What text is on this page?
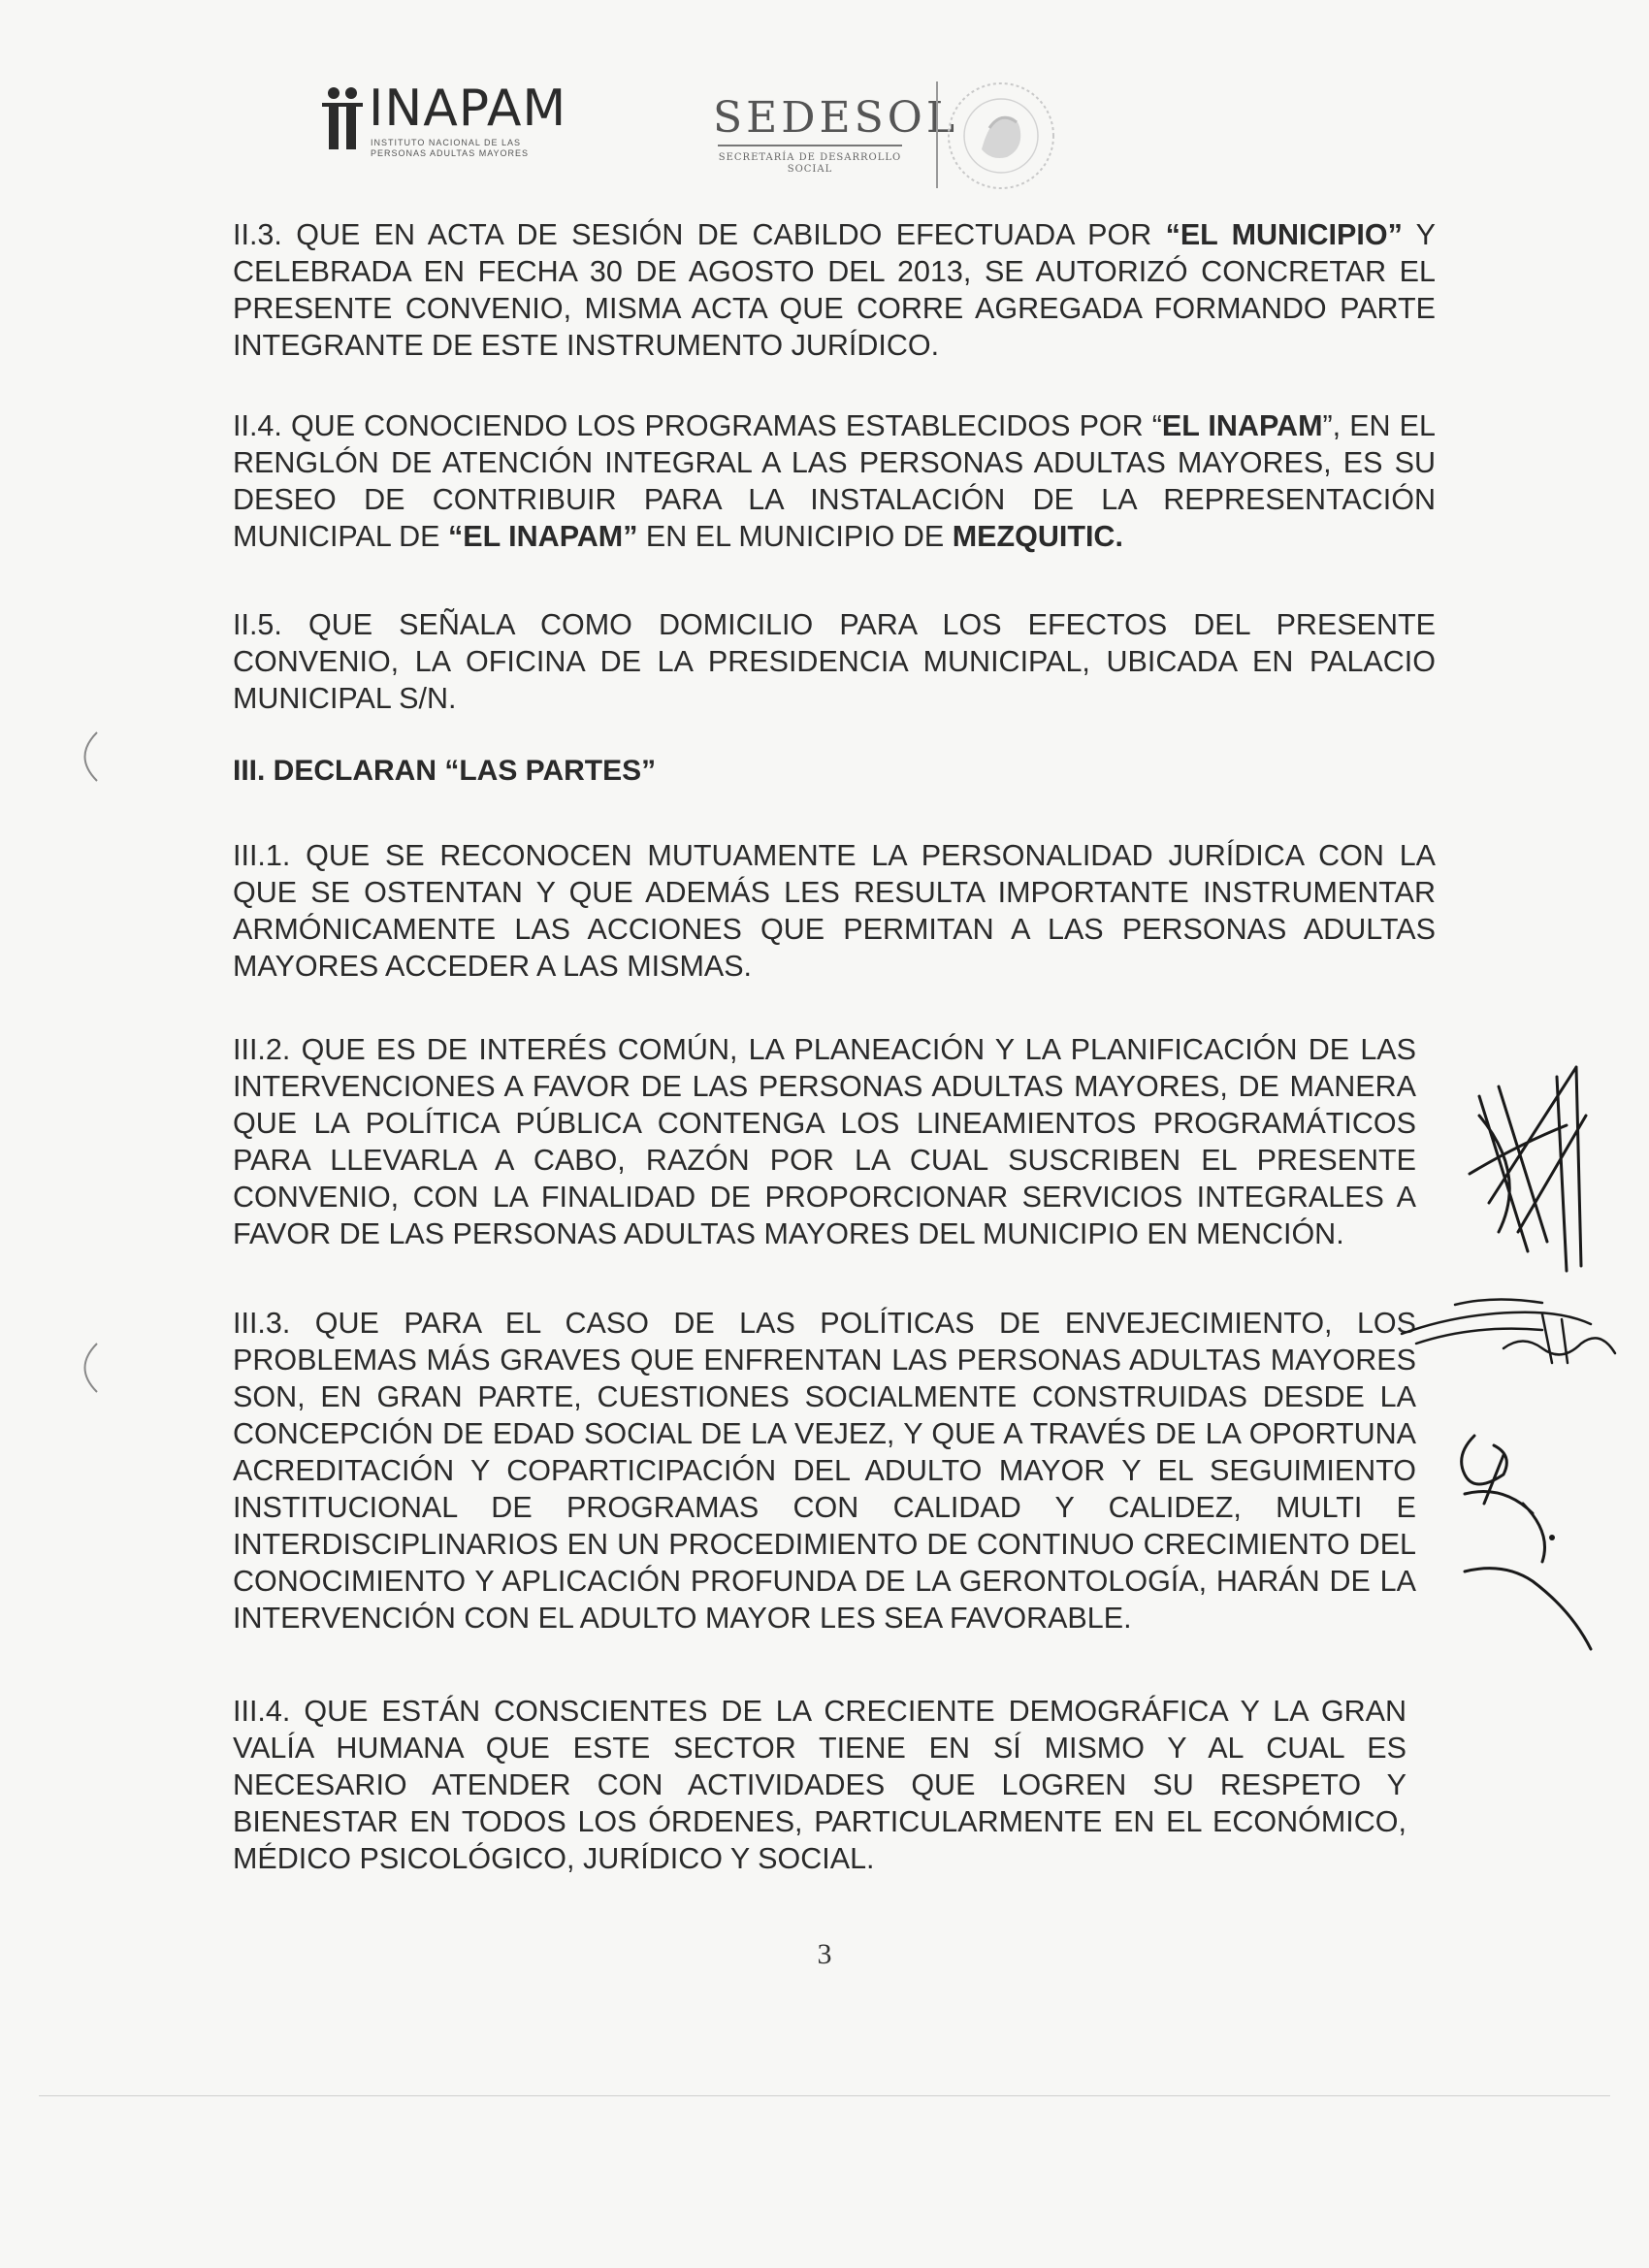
INAPAM
INSTITUTO NACIONAL DE LAS PERSONAS ADULTAS MAYORES
SEDESOL
SECRETARÍA DE DESARROLLO SOCIAL
II.3. QUE EN ACTA DE SESIÓN DE CABILDO EFECTUADA POR “EL MUNICIPIO” Y CELEBRADA EN FECHA 30 DE AGOSTO DEL 2013, SE AUTORIZÓ CONCRETAR EL PRESENTE CONVENIO, MISMA ACTA QUE CORRE AGREGADA FORMANDO PARTE INTEGRANTE DE ESTE INSTRUMENTO JURÍDICO.
II.4. QUE CONOCIENDO LOS PROGRAMAS ESTABLECIDOS POR “EL INAPAM”, EN EL RENGLÓN DE ATENCIÓN INTEGRAL A LAS PERSONAS ADULTAS MAYORES, ES SU DESEO DE CONTRIBUIR PARA LA INSTALACIÓN DE LA REPRESENTACIÓN MUNICIPAL DE “EL INAPAM” EN EL MUNICIPIO DE MEZQUITIC.
II.5. QUE SEÑALA COMO DOMICILIO PARA LOS EFECTOS DEL PRESENTE CONVENIO, LA OFICINA DE LA PRESIDENCIA MUNICIPAL, UBICADA EN PALACIO MUNICIPAL S/N.
III. DECLARAN “LAS PARTES”
III.1. QUE SE RECONOCEN MUTUAMENTE LA PERSONALIDAD JURÍDICA CON LA QUE SE OSTENTAN Y QUE ADEMÁS LES RESULTA IMPORTANTE INSTRUMENTAR ARMÓNICAMENTE LAS ACCIONES QUE PERMITAN A LAS PERSONAS ADULTAS MAYORES ACCEDER A LAS MISMAS.
III.2. QUE ES DE INTERÉS COMÚN, LA PLANEACIÓN Y LA PLANIFICACIÓN DE LAS INTERVENCIONES A FAVOR DE LAS PERSONAS ADULTAS MAYORES, DE MANERA QUE LA POLÍTICA PÚBLICA CONTENGA LOS LINEAMIENTOS PROGRAMÁTICOS PARA LLEVARLA A CABO, RAZÓN POR LA CUAL SUSCRIBEN EL PRESENTE CONVENIO, CON LA FINALIDAD DE PROPORCIONAR SERVICIOS INTEGRALES A FAVOR DE LAS PERSONAS ADULTAS MAYORES DEL MUNICIPIO EN MENCIÓN.
III.3. QUE PARA EL CASO DE LAS POLÍTICAS DE ENVEJECIMIENTO, LOS PROBLEMAS MÁS GRAVES QUE ENFRENTAN LAS PERSONAS ADULTAS MAYORES SON, EN GRAN PARTE, CUESTIONES SOCIALMENTE CONSTRUIDAS DESDE LA CONCEPCIÓN DE EDAD SOCIAL DE LA VEJEZ, Y QUE A TRAVÉS DE LA OPORTUNA ACREDITACIÓN Y COPARTICIPACIÓN DEL ADULTO MAYOR Y EL SEGUIMIENTO INSTITUCIONAL DE PROGRAMAS CON CALIDAD Y CALIDEZ, MULTI E INTERDISCIPLINARIOS EN UN PROCEDIMIENTO DE CONTINUO CRECIMIENTO DEL CONOCIMIENTO Y APLICACIÓN PROFUNDA DE LA GERONTOLOGÍA, HARÁN DE LA INTERVENCIÓN CON EL ADULTO MAYOR LES SEA FAVORABLE.
III.4. QUE ESTÁN CONSCIENTES DE LA CRECIENTE DEMOGRÁFICA Y LA GRAN VALÍA HUMANA QUE ESTE SECTOR TIENE EN SÍ MISMO Y AL CUAL ES NECESARIO ATENDER CON ACTIVIDADES QUE LOGREN SU RESPETO Y BIENESTAR EN TODOS LOS ÓRDENES, PARTICULARMENTE EN EL ECONÓMICO, MÉDICO PSICOLÓGICO, JURÍDICO Y SOCIAL.
3
